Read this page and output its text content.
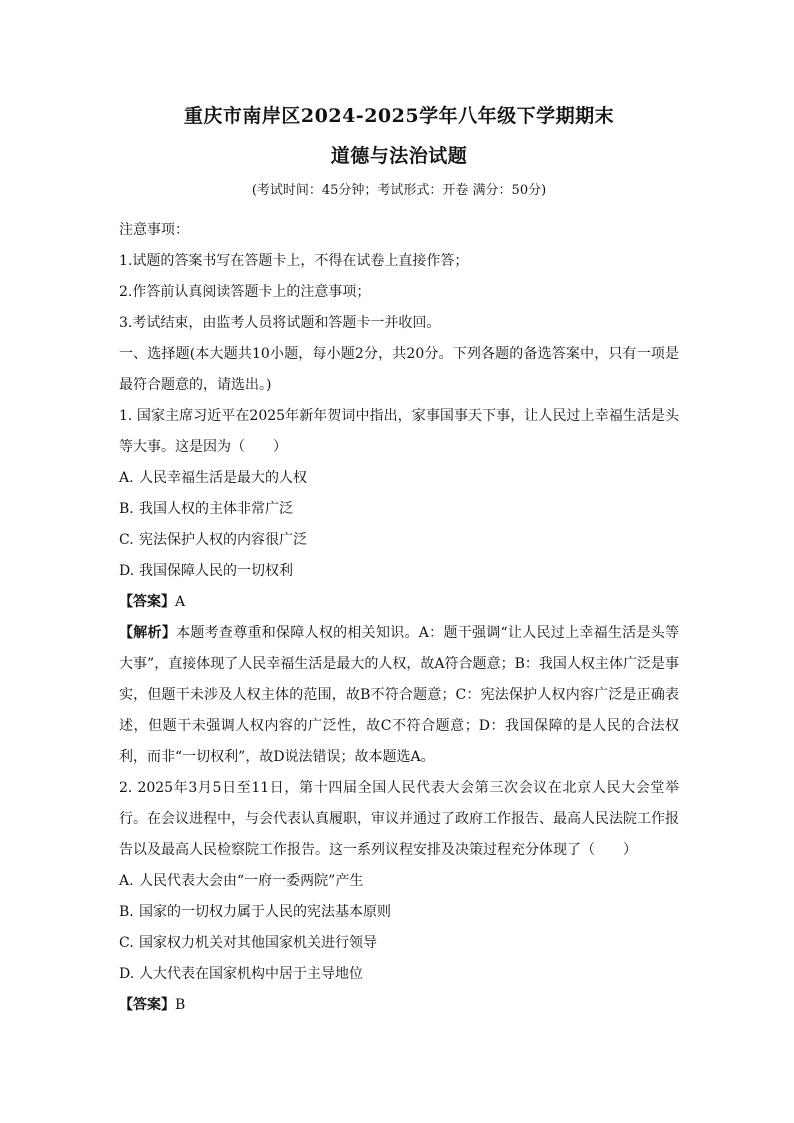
重庆市南岸区2024-2025学年八年级下学期期末

道德与法治试题

(考试时间：45分钟；考试形式：开卷 满分：50分)

注意事项：

1.试题的答案书写在答题卡上，不得在试卷上直接作答；

2.作答前认真阅读答题卡上的注意事项；

3.考试结束，由监考人员将试题和答题卡一并收回。

一、选择题(本大题共10小题，每小题2分，共20分。下列各题的备选答案中，只有一项是最符合题意的，请选出。)

1. 国家主席习近平在2025年新年贺词中指出，家事国事天下事，让人民过上幸福生活是头等大事。这是因为（　　）

A. 人民幸福生活是最大的人权

B. 我国人权的主体非常广泛

C. 宪法保护人权的内容很广泛

D. 我国保障人民的一切权利

【答案】A

【解析】本题考查尊重和保障人权的相关知识。A：题干强调“让人民过上幸福生活是头等大事”，直接体现了人民幸福生活是最大的人权，故A符合题意；B：我国人权主体广泛是事实，但题干未涉及人权主体的范围，故B不符合题意；C：宪法保护人权内容广泛是正确表述，但题干未强调人权内容的广泛性，故C不符合题意；D：我国保障的是人民的合法权利，而非“一切权利”，故D说法错误；故本题选A。

2. 2025年3月5日至11日，第十四届全国人民代表大会第三次会议在北京人民大会堂举行。在会议进程中，与会代表认真履职，审议并通过了政府工作报告、最高人民法院工作报告以及最高人民检察院工作报告。这一系列议程安排及决策过程充分体现了（　　）

A. 人民代表大会由“一府一委两院”产生

B. 国家的一切权力属于人民的宪法基本原则

C. 国家权力机关对其他国家机关进行领导

D. 人大代表在国家机构中居于主导地位

【答案】B
